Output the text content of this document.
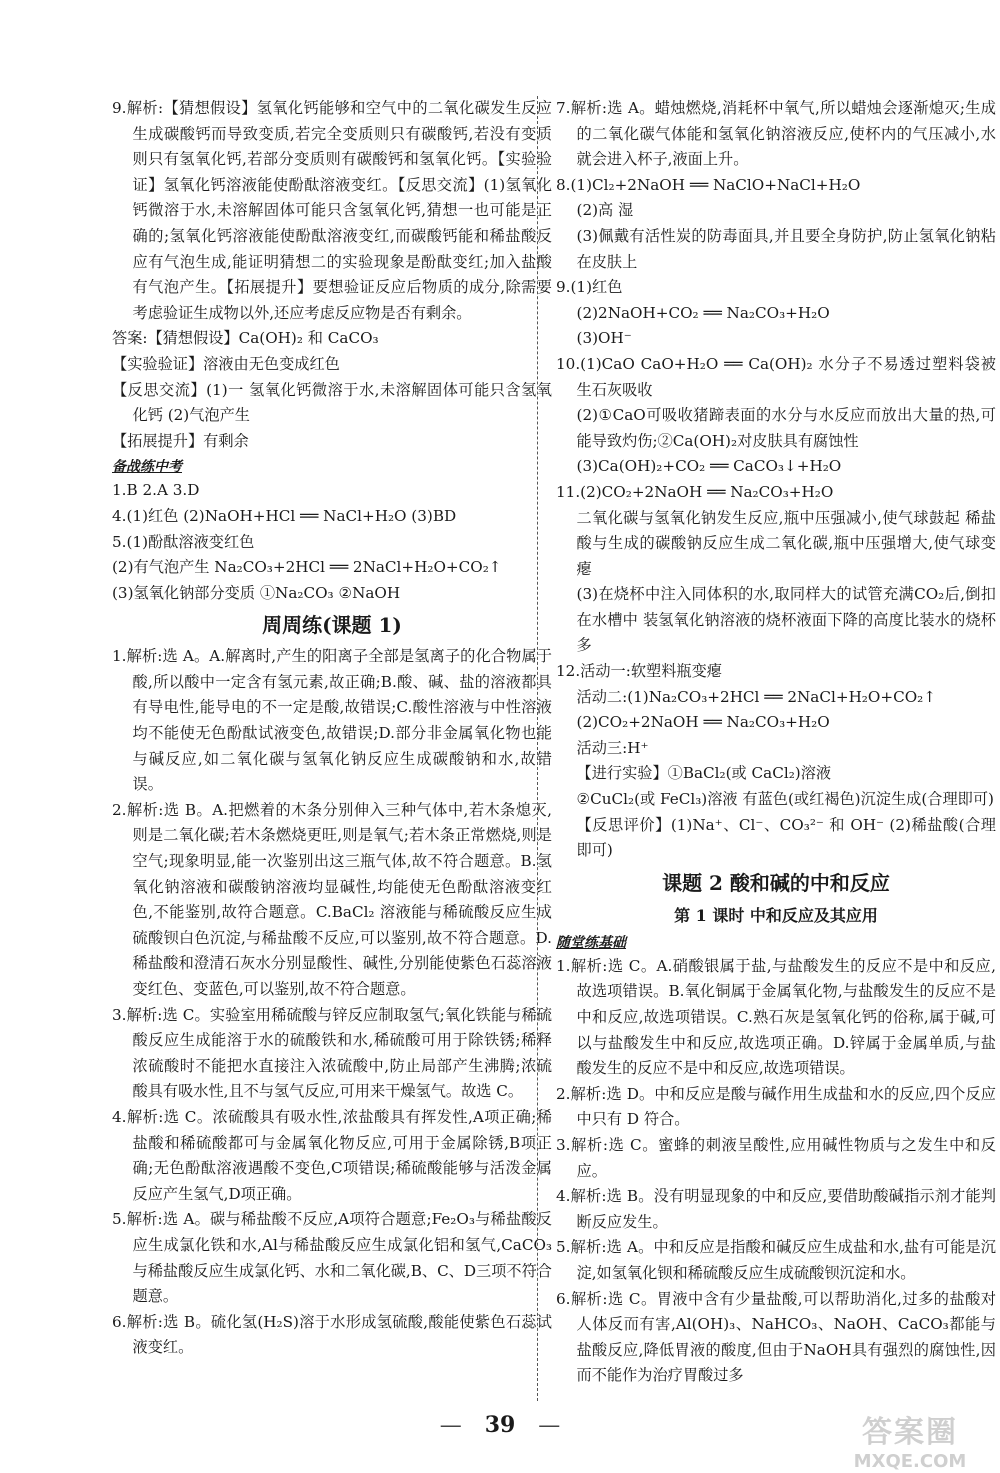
9.解析:【猜想假设】氢氧化钙能够和空气中的二氧化碳发生反应生成碳酸钙而导致变质,若完全变质则只有碳酸钙,若没有变质则只有氢氧化钙,若部分变质则有碳酸钙和氢氧化钙。【实验验证】氢氧化钙溶液能使酚酞溶液变红。【反思交流】(1)氢氧化钙微溶于水,未溶解固体可能只含氢氧化钙,猜想一也可能是正确的;氢氧化钙溶液能使酚酞溶液变红,而碳酸钙能和稀盐酸反应有气泡生成,能证明猜想二的实验现象是酚酞变红;加入盐酸有气泡产生。【拓展提升】要想验证反应后物质的成分,除需要考虑验证生成物以外,还应考虑反应物是否有剩余。

答案:【猜想假设】Ca(OH)₂ 和 CaCO₃

【实验验证】溶液由无色变成红色

【反思交流】(1)一 氢氧化钙微溶于水,未溶解固体可能只含氢氧化钙 (2)气泡产生

【拓展提升】有剩余

备战练中考

1.B 2.A 3.D

4.(1)红色 (2)NaOH+HCl ══ NaCl+H₂O (3)BD

5.(1)酚酞溶液变红色

(2)有气泡产生 Na₂CO₃+2HCl ══ 2NaCl+H₂O+CO₂↑

(3)氢氧化钠部分变质 ①Na₂CO₃ ②NaOH

周周练(课题 1)

1.解析:选 A。A.解离时,产生的阳离子全部是氢离子的化合物属于酸,所以酸中一定含有氢元素,故正确;B.酸、碱、盐的溶液都具有导电性,能导电的不一定是酸,故错误;C.酸性溶液与中性溶液均不能使无色酚酞试液变色,故错误;D.部分非金属氧化物也能与碱反应,如二氧化碳与氢氧化钠反应生成碳酸钠和水,故错误。

2.解析:选 B。A.把燃着的木条分别伸入三种气体中,若木条熄灭,则是二氧化碳;若木条燃烧更旺,则是氧气;若木条正常燃烧,则是空气;现象明显,能一次鉴别出这三瓶气体,故不符合题意。B.氢氧化钠溶液和碳酸钠溶液均显碱性,均能使无色酚酞溶液变红色,不能鉴别,故符合题意。C.BaCl₂ 溶液能与稀硫酸反应生成硫酸钡白色沉淀,与稀盐酸不反应,可以鉴别,故不符合题意。D.稀盐酸和澄清石灰水分别显酸性、碱性,分别能使紫色石蕊溶液变红色、变蓝色,可以鉴别,故不符合题意。

3.解析:选 C。实验室用稀硫酸与锌反应制取氢气;氧化铁能与稀硫酸反应生成能溶于水的硫酸铁和水,稀硫酸可用于除铁锈;稀释浓硫酸时不能把水直接注入浓硫酸中,防止局部产生沸腾;浓硫酸具有吸水性,且不与氢气反应,可用来干燥氢气。故选 C。

4.解析:选 C。浓硫酸具有吸水性,浓盐酸具有挥发性,A项正确;稀盐酸和稀硫酸都可与金属氧化物反应,可用于金属除锈,B项正确;无色酚酞溶液遇酸不变色,C项错误;稀硫酸能够与活泼金属反应产生氢气,D项正确。

5.解析:选 A。碳与稀盐酸不反应,A项符合题意;Fe₂O₃与稀盐酸反应生成氯化铁和水,Al与稀盐酸反应生成氯化铝和氢气,CaCO₃与稀盐酸反应生成氯化钙、水和二氧化碳,B、C、D三项不符合题意。

6.解析:选 B。硫化氢(H₂S)溶于水形成氢硫酸,酸能使紫色石蕊试液变红。

7.解析:选 A。蜡烛燃烧,消耗杯中氧气,所以蜡烛会逐渐熄灭;生成的二氧化碳气体能和氢氧化钠溶液反应,使杯内的气压减小,水就会进入杯子,液面上升。

8.(1)Cl₂+2NaOH ══ NaClO+NaCl+H₂O

(2)高 湿

(3)佩戴有活性炭的防毒面具,并且要全身防护,防止氢氧化钠粘在皮肤上

9.(1)红色

(2)2NaOH+CO₂ ══ Na₂CO₃+H₂O

(3)OH⁻

10.(1)CaO CaO+H₂O ══ Ca(OH)₂ 水分子不易透过塑料袋被生石灰吸收

(2)①CaO可吸收猪蹄表面的水分与水反应而放出大量的热,可能导致灼伤;②Ca(OH)₂对皮肤具有腐蚀性

(3)Ca(OH)₂+CO₂ ══ CaCO₃↓+H₂O

11.(2)CO₂+2NaOH ══ Na₂CO₃+H₂O

二氧化碳与氢氧化钠发生反应,瓶中压强减小,使气球鼓起 稀盐酸与生成的碳酸钠反应生成二氧化碳,瓶中压强增大,使气球变瘪

(3)在烧杯中注入同体积的水,取同样大的试管充满CO₂后,倒扣在水槽中 装氢氧化钠溶液的烧杯液面下降的高度比装水的烧杯多

12.活动一:软塑料瓶变瘪

活动二:(1)Na₂CO₃+2HCl ══ 2NaCl+H₂O+CO₂↑

(2)CO₂+2NaOH ══ Na₂CO₃+H₂O

活动三:H⁺

【进行实验】①BaCl₂(或 CaCl₂)溶液

②CuCl₂(或 FeCl₃)溶液 有蓝色(或红褐色)沉淀生成(合理即可)

【反思评价】(1)Na⁺、Cl⁻、CO₃²⁻ 和 OH⁻ (2)稀盐酸(合理即可)

课题 2 酸和碱的中和反应

第 1 课时 中和反应及其应用

随堂练基础

1.解析:选 C。A.硝酸银属于盐,与盐酸发生的反应不是中和反应,故选项错误。B.氧化铜属于金属氧化物,与盐酸发生的反应不是中和反应,故选项错误。C.熟石灰是氢氧化钙的俗称,属于碱,可以与盐酸发生中和反应,故选项正确。D.锌属于金属单质,与盐酸发生的反应不是中和反应,故选项错误。

2.解析:选 D。中和反应是酸与碱作用生成盐和水的反应,四个反应中只有 D 符合。

3.解析:选 C。蜜蜂的刺液呈酸性,应用碱性物质与之发生中和反应。

4.解析:选 B。没有明显现象的中和反应,要借助酸碱指示剂才能判断反应发生。

5.解析:选 A。中和反应是指酸和碱反应生成盐和水,盐有可能是沉淀,如氢氧化钡和稀硫酸反应生成硫酸钡沉淀和水。

6.解析:选 C。胃液中含有少量盐酸,可以帮助消化,过多的盐酸对人体反而有害,Al(OH)₃、NaHCO₃、NaOH、CaCO₃都能与盐酸反应,降低胃液的酸度,但由于NaOH具有强烈的腐蚀性,因而不能作为治疗胃酸过多

— 39 —	答案圈
MXQE.COM
